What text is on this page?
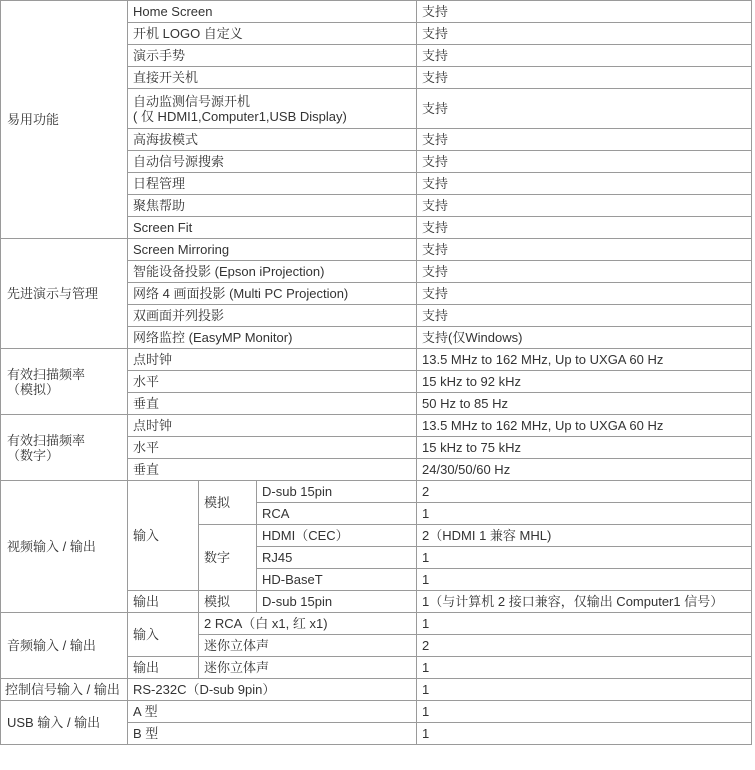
易用功能	Home Screen			支持
	开机 LOGO 自定义			支持
	演示手势			支持
	直接开关机			支持
	自动监测信号源开机
( 仅 HDMI1,Computer1,USB Display)			支持
	高海拔模式			支持
	自动信号源搜索			支持
	日程管理			支持
	聚焦帮助			支持
	Screen Fit			支持
先进演示与管理	Screen Mirroring			支持
	智能设备投影 (Epson iProjection)			支持
	网络 4 画面投影 (Multi PC Projection)			支持
	双画面并列投影			支持
	网络监控 (EasyMP Monitor)			支持(仅Windows)
有效扫描频率
（模拟）	点时钟			13.5 MHz to 162 MHz, Up to UXGA 60 Hz
	水平			15 kHz to 92 kHz
	垂直			50 Hz to 85 Hz
有效扫描频率
（数字）	点时钟			13.5 MHz to 162 MHz, Up to UXGA 60 Hz
	水平			15 kHz to 75 kHz
	垂直			24/30/50/60 Hz
视频输入 / 输出	输入	模拟	D-sub 15pin	2
			RCA	1
		数字	HDMI（CEC）	2（HDMI 1 兼容 MHL)
			RJ45	1
			HD-BaseT	1
	输出	模拟	D-sub 15pin	1（与计算机 2 接口兼容，仅输出 Computer1 信号）
音频输入 / 输出	输入	2 RCA（白 x1, 红 x1)		1
		迷你立体声		2
	输出	迷你立体声		1
控制信号输入 / 输出	RS-232C（D-sub 9pin）			1
USB 输入 / 输出	A 型			1
	B 型			1
